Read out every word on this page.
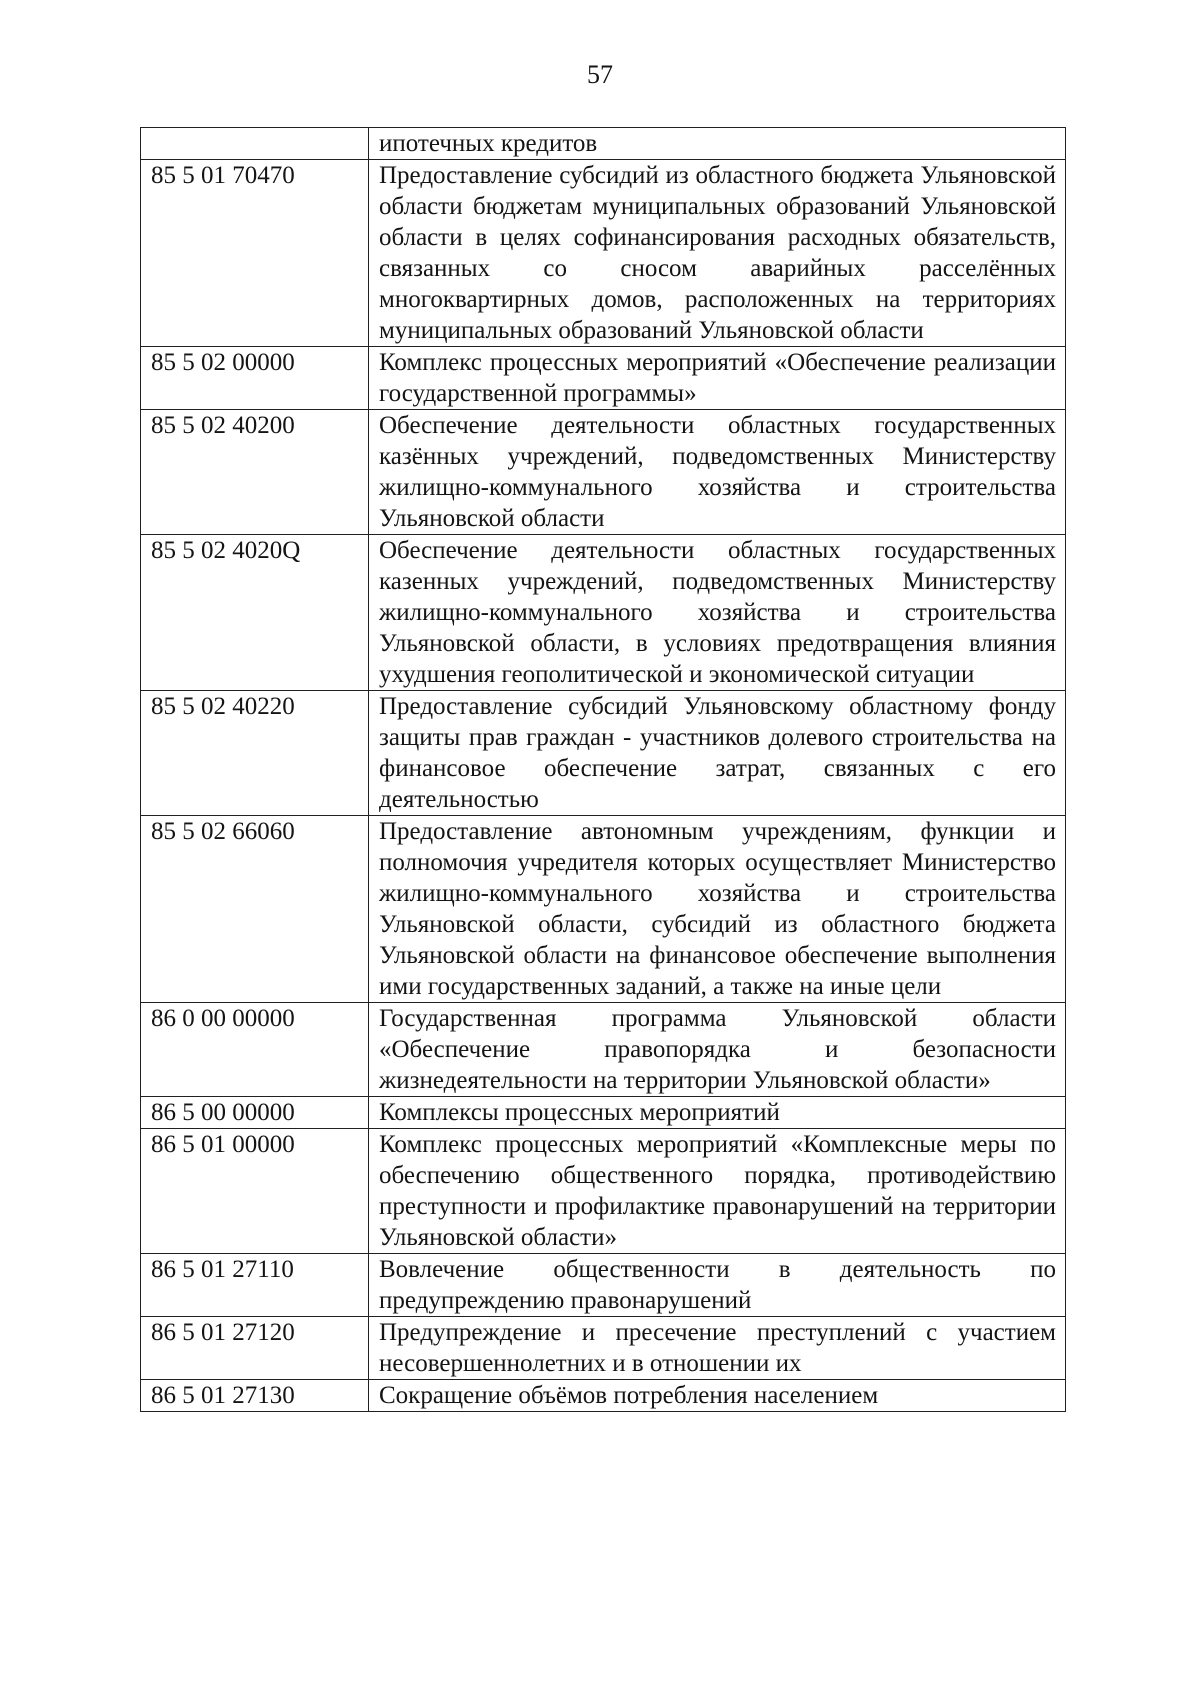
57
	ипотечных кредитов
85 5 01 70470	Предоставление субсидий из областного бюджета Ульяновской области бюджетам муниципальных образований Ульяновской области в целях софинансирования расходных обязательств, связанных со сносом аварийных расселённых многоквартирных домов, расположенных на территориях муниципальных образований Ульяновской области
85 5 02 00000	Комплекс процессных мероприятий «Обеспечение реализации государственной программы»
85 5 02 40200	Обеспечение деятельности областных государственных казённых учреждений, подведомственных Министерству жилищно-коммунального хозяйства и строительства Ульяновской области
85 5 02 4020Q	Обеспечение деятельности областных государственных казенных учреждений, подведомственных Министерству жилищно-коммунального хозяйства и строительства Ульяновской области, в условиях предотвращения влияния ухудшения геополитической и экономической ситуации
85 5 02 40220	Предоставление субсидий Ульяновскому областному фонду защиты прав граждан - участников долевого строительства на финансовое обеспечение затрат, связанных с его деятельностью
85 5 02 66060	Предоставление автономным учреждениям, функции и полномочия учредителя которых осуществляет Министерство жилищно-коммунального хозяйства и строительства Ульяновской области, субсидий из областного бюджета Ульяновской области на финансовое обеспечение выполнения ими государственных заданий, а также на иные цели
86 0 00 00000	Государственная программа Ульяновской области «Обеспечение правопорядка и безопасности жизнедеятельности на территории Ульяновской области»
86 5 00 00000	Комплексы процессных мероприятий
86 5 01 00000	Комплекс процессных мероприятий «Комплексные меры по обеспечению общественного порядка, противодействию преступности и профилактике правонарушений на территории Ульяновской области»
86 5 01 27110	Вовлечение общественности в деятельность по предупреждению правонарушений
86 5 01 27120	Предупреждение и пресечение преступлений с участием несовершеннолетних и в отношении их
86 5 01 27130	Сокращение объёмов потребления населением
